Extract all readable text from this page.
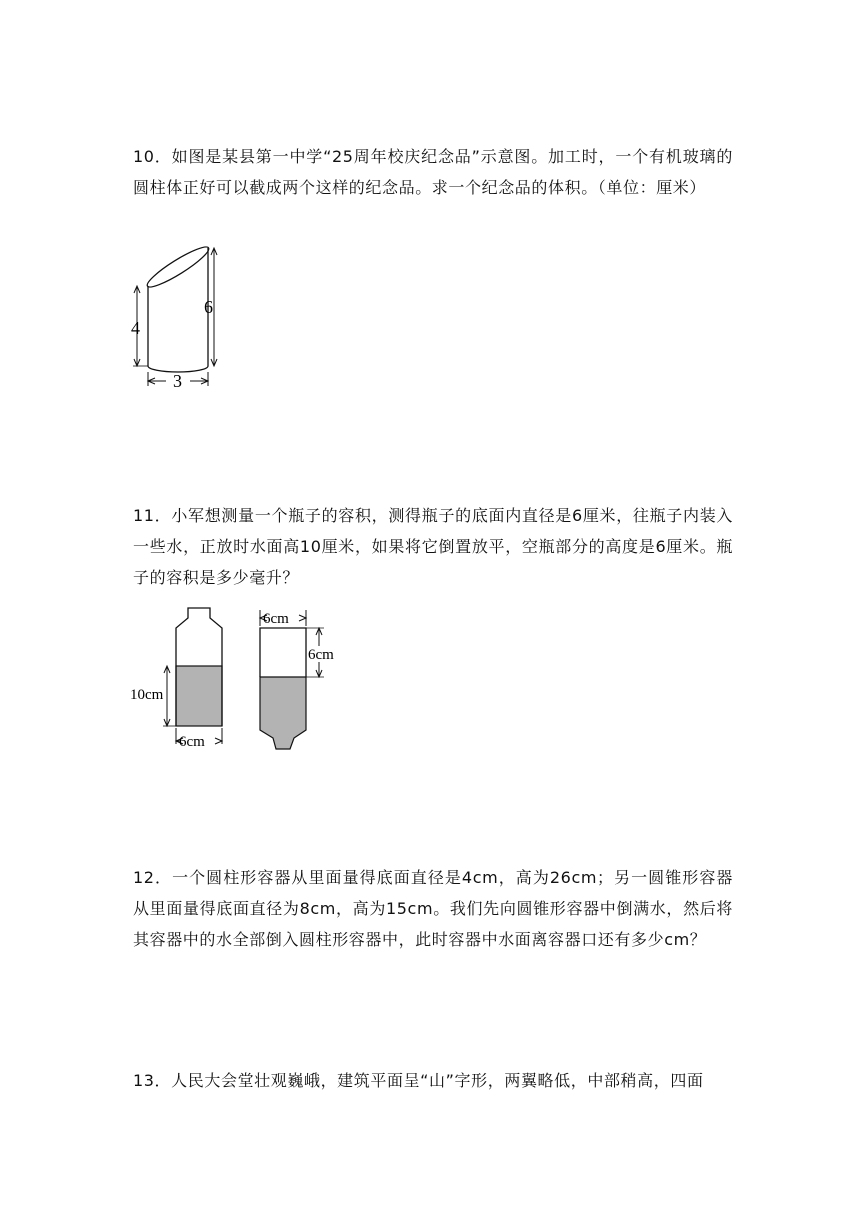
10．如图是某县第一中学“25周年校庆纪念品”示意图。加工时，一个有机玻璃的圆柱体正好可以截成两个这样的纪念品。求一个纪念品的体积。（单位：厘米）

4
6
3

11．小军想测量一个瓶子的容积，测得瓶子的底面内直径是6厘米，往瓶子内装入一些水，正放时水面高10厘米，如果将它倒置放平，空瓶部分的高度是6厘米。瓶子的容积是多少毫升？

10cm
6cm
6cm
6cm

12．一个圆柱形容器从里面量得底面直径是4cm，高为26cm；另一圆锥形容器从里面量得底面直径为8cm，高为15cm。我们先向圆锥形容器中倒满水，然后将其容器中的水全部倒入圆柱形容器中，此时容器中水面离容器口还有多少cm？

13．人民大会堂壮观巍峨，建筑平面呈“山”字形，两翼略低，中部稍高，四面
